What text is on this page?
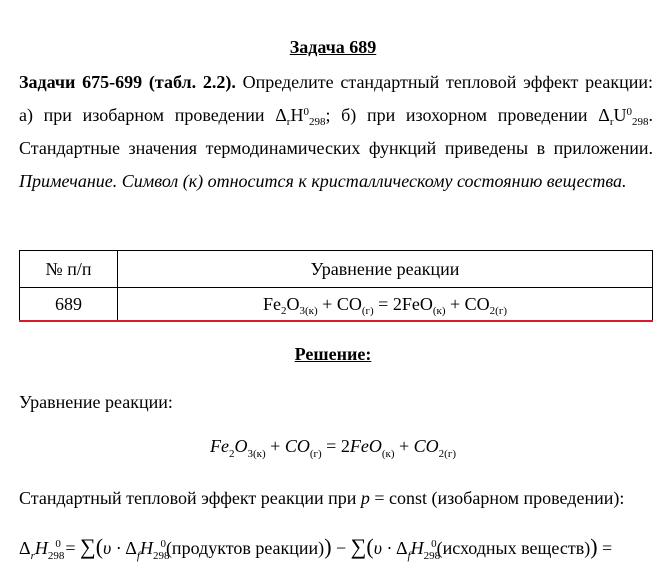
Задача 689
Задачи 675-699 (табл. 2.2). Определите стандартный тепловой эффект реакции: а) при изобарном проведении $\Delta_rH^0_{298}$; б) при изохорном проведении $\Delta_rU^0_{298}$. Стандартные значения термодинамических функций приведены в приложении. Примечание. Символ (к) относится к кристаллическому состоянию вещества.
№ п/п	Уравнение реакции
689	$Fe_2O_{3(к)} + CO_{(г)} = 2FeO_{(к)} + CO_{2(г)}$
Решение:
Уравнение реакции:
$Fe_2O_{3(к)} + CO_{(г)} = 2FeO_{(к)} + CO_{2(г)}$
Стандартный тепловой эффект реакции при p = const (изобарном проведении):
$\Delta_rH_{298}^0 = \sum(\upsilon$ · $\Delta_fH_{298}^0(продуктов$ реакции)) − $\sum(\upsilon \cdot \Delta_fH_{298}^0(исходных$ веществ)) =
